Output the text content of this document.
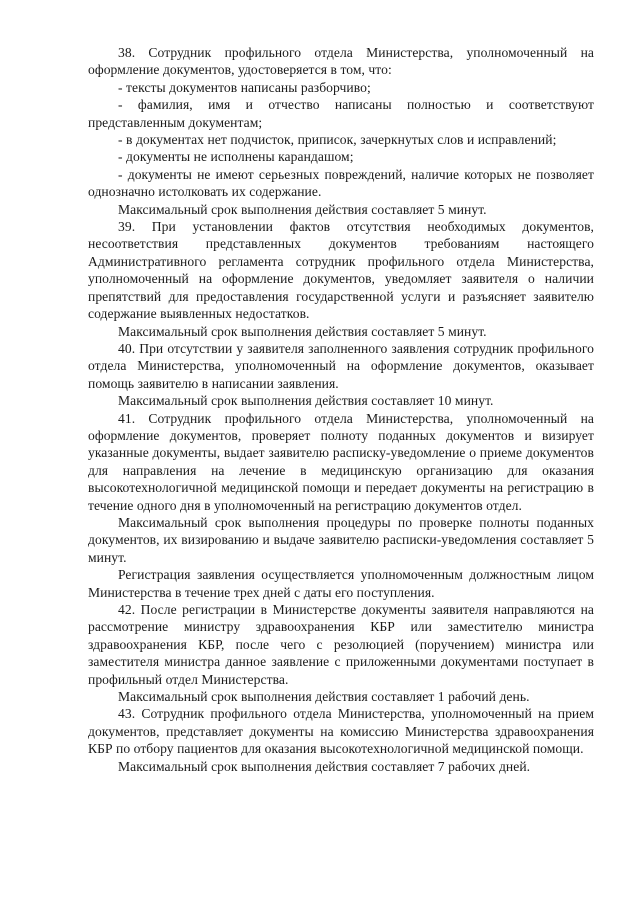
38. Сотрудник профильного отдела Министерства, уполномоченный на оформление документов, удостоверяется в том, что:

- тексты документов написаны разборчиво;

- фамилия, имя и отчество написаны полностью и соответствуют представленным документам;

- в документах нет подчисток, приписок, зачеркнутых слов и исправлений;

- документы не исполнены карандашом;

- документы не имеют серьезных повреждений, наличие которых не позволяет однозначно истолковать их содержание.

Максимальный срок выполнения действия составляет 5 минут.

39. При установлении фактов отсутствия необходимых документов, несоответствия представленных документов требованиям настоящего Административного регламента сотрудник профильного отдела Министерства, уполномоченный на оформление документов, уведомляет заявителя о наличии препятствий для предоставления государственной услуги и разъясняет заявителю содержание выявленных недостатков.

Максимальный срок выполнения действия составляет 5 минут.

40. При отсутствии у заявителя заполненного заявления сотрудник профильного отдела Министерства, уполномоченный на оформление документов, оказывает помощь заявителю в написании заявления.

Максимальный срок выполнения действия составляет 10 минут.

41. Сотрудник профильного отдела Министерства, уполномоченный на оформление документов, проверяет полноту поданных документов и визирует указанные документы, выдает заявителю расписку-уведомление о приеме документов для направления на лечение в медицинскую организацию для оказания высокотехнологичной медицинской помощи и передает документы на регистрацию в течение одного дня в уполномоченный на регистрацию документов отдел.

Максимальный срок выполнения процедуры по проверке полноты поданных документов, их визированию и выдаче заявителю расписки-уведомления составляет 5 минут.

Регистрация заявления осуществляется уполномоченным должностным лицом Министерства в течение трех дней с даты его поступления.

42. После регистрации в Министерстве документы заявителя направляются на рассмотрение министру здравоохранения КБР или заместителю министра здравоохранения КБР, после чего с резолюцией (поручением) министра или заместителя министра данное заявление с приложенными документами поступает в профильный отдел Министерства.

Максимальный срок выполнения действия составляет 1 рабочий день.

43. Сотрудник профильного отдела Министерства, уполномоченный на прием документов, представляет документы на комиссию Министерства здравоохранения КБР по отбору пациентов для оказания высокотехнологичной медицинской помощи.

Максимальный срок выполнения действия составляет 7 рабочих дней.
